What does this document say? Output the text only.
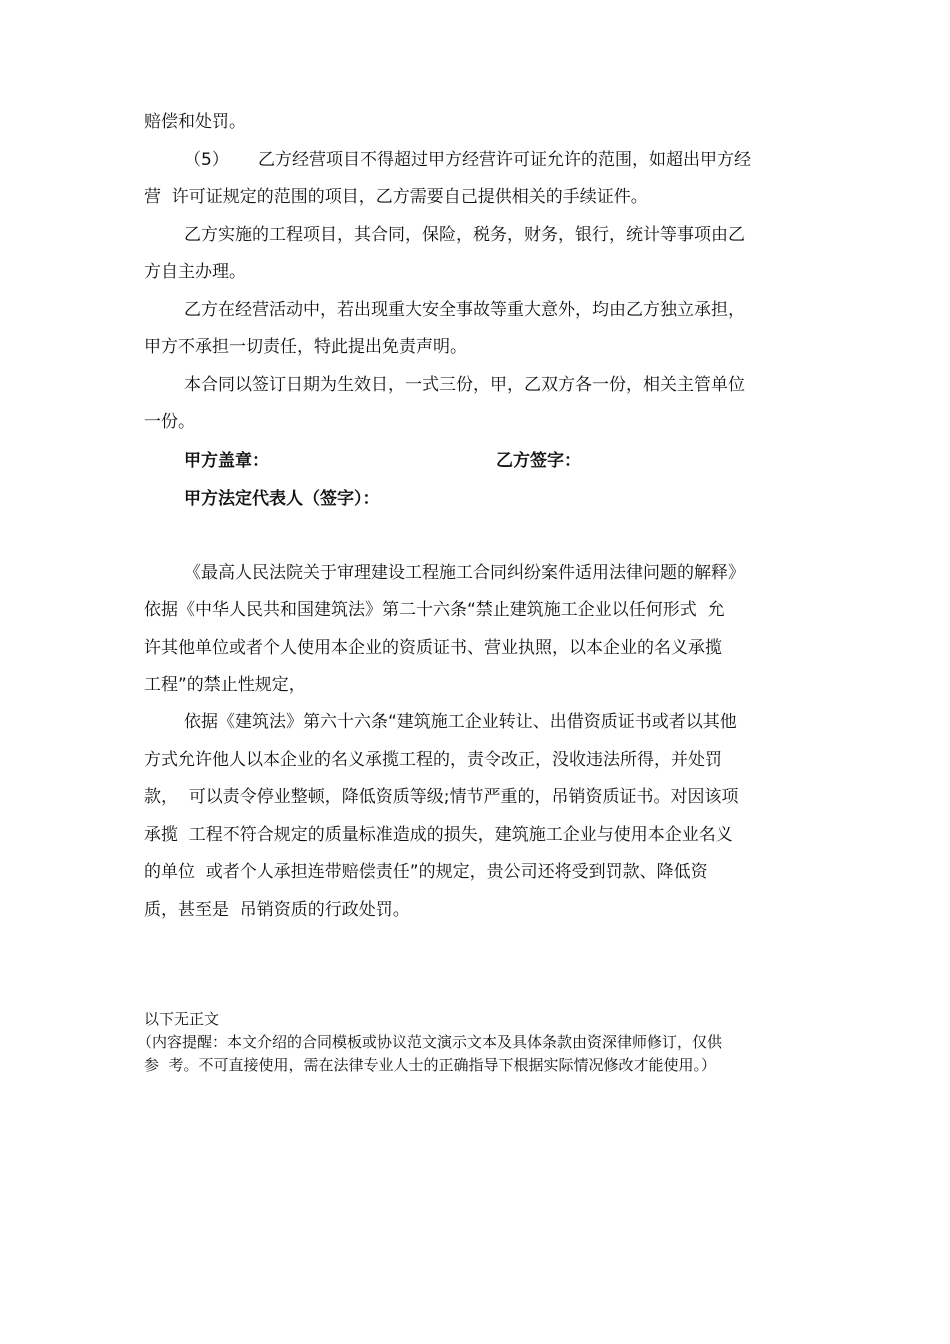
赔偿和处罚。
（5） 乙方经营项目不得超过甲方经营许可证允许的范围，如超出甲方经
营  许可证规定的范围的项目，乙方需要自己提供相关的手续证件。
乙方实施的工程项目，其合同，保险，税务，财务，银行，统计等事项由乙
方自主办理。
乙方在经营活动中，若出现重大安全事故等重大意外，均由乙方独立承担，
甲方不承担一切责任，特此提出免责声明。
本合同以签订日期为生效日，一式三份，甲，乙双方各一份，相关主管单位
一份。
甲方盖章：	乙方签字：
甲方法定代表人（签字）：
《最高人民法院关于审理建设工程施工合同纠纷案件适用法律问题的解释》
依据《中华人民共和国建筑法》第二十六条“禁止建筑施工企业以任何形式  允
许其他单位或者个人使用本企业的资质证书、营业执照，以本企业的名义承揽
工程”的禁止性规定，
依据《建筑法》第六十六条“建筑施工企业转让、出借资质证书或者以其他
方式允许他人以本企业的名义承揽工程的，责令改正，没收违法所得，并处罚
款，  可以责令停业整顿，降低资质等级;情节严重的，吊销资质证书。对因该项
承揽  工程不符合规定的质量标准造成的损失，建筑施工企业与使用本企业名义
的单位  或者个人承担连带赔偿责任”的规定，贵公司还将受到罚款、降低资
质，甚至是  吊销资质的行政处罚。
以下无正文
（内容提醒：本文介绍的合同模板或协议范文演示文本及具体条款由资深律师修订，仅供
参  考。不可直接使用，需在法律专业人士的正确指导下根据实际情况修改才能使用。）
